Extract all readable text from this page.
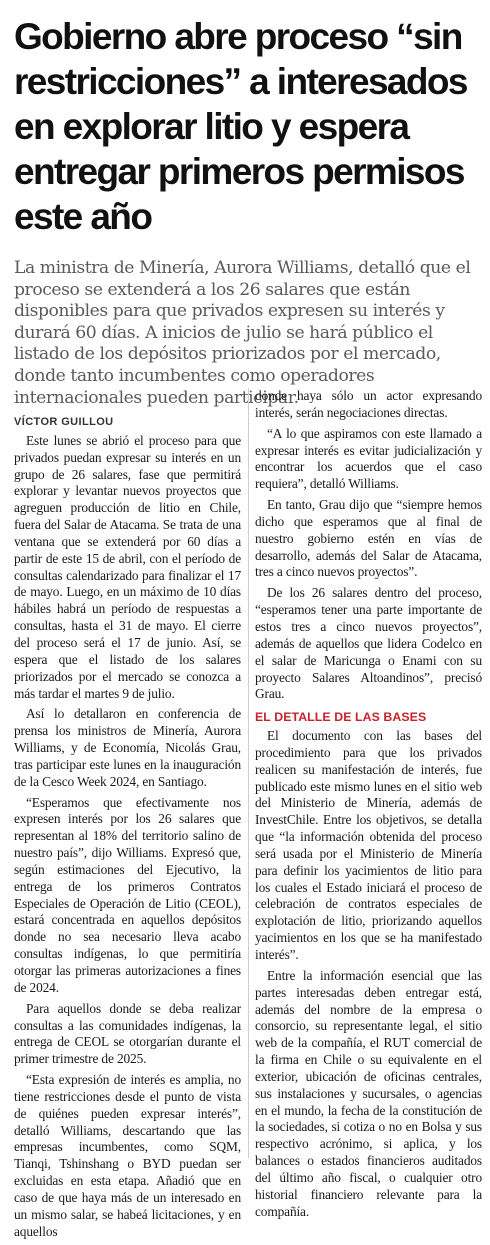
Gobierno abre proceso “sin restricciones” a interesados en explorar litio y espera entregar primeros permisos este año

La ministra de Minería, Aurora Williams, detalló que el proceso se extenderá a los 26 salares que están disponibles para que privados expresen su interés y durará 60 días. A inicios de julio se hará público el listado de los depósitos priorizados por el mercado, donde tanto incumbentes como operadores internacionales pueden participar.

VÍCTOR GUILLOU

Este lunes se abrió el proceso para que privados puedan expresar su interés en un grupo de 26 salares, fase que permitirá explorar y levantar nuevos proyectos que agreguen producción de litio en Chile, fuera del Salar de Atacama. Se trata de una ventana que se extenderá por 60 días a partir de este 15 de abril, con el período de consultas calendarizado para finalizar el 17 de mayo. Luego, en un máximo de 10 días hábiles habrá un período de respuestas a consultas, hasta el 31 de mayo. El cierre del proceso será el 17 de junio. Así, se espera que el listado de los salares priorizados por el mercado se conozca a más tardar el martes 9 de julio.

Así lo detallaron en conferencia de prensa los ministros de Minería, Aurora Williams, y de Economía, Nicolás Grau, tras participar este lunes en la inauguración de la Cesco Week 2024, en Santiago.

“Esperamos que efectivamente nos expresen interés por los 26 salares que representan al 18% del territorio salino de nuestro país”, dijo Williams. Expresó que, según estimaciones del Ejecutivo, la entrega de los primeros Contratos Especiales de Operación de Litio (CEOL), estará concentrada en aquellos depósitos donde no sea necesario lleva acabo consultas indígenas, lo que permitiría otorgar las primeras autorizaciones a fines de 2024.

Para aquellos donde se deba realizar consultas a las comunidades indígenas, la entrega de CEOL se otorgarían durante el primer trimestre de 2025.

“Esta expresión de interés es amplia, no tiene restricciones desde el punto de vista de quiénes pueden expresar interés”, detalló Williams, descartando que las empresas incumbentes, como SQM, Tianqi, Tshinshang o BYD puedan ser excluidas en esta etapa. Añadió que en caso de que haya más de un interesado en un mismo salar, se habeá licitaciones, y en aquellos

donde haya sólo un actor expresando interés, serán negociaciones directas.

“A lo que aspiramos con este llamado a expresar interés es evitar judicialización y encontrar los acuerdos que el caso requiera”, detalló Williams.

En tanto, Grau dijo que “siempre hemos dicho que esperamos que al final de nuestro gobierno estén en vías de desarrollo, además del Salar de Atacama, tres a cinco nuevos proyectos”.

De los 26 salares dentro del proceso, “esperamos tener una parte importante de estos tres a cinco nuevos proyectos”, además de aquellos que lidera Codelco en el salar de Maricunga o Enami con su proyecto Salares Altoandinos”, precisó Grau.

EL DETALLE DE LAS BASES

El documento con las bases del procedimiento para que los privados realicen su manifestación de interés, fue publicado este mismo lunes en el sitio web del Ministerio de Minería, además de InvestChile. Entre los objetivos, se detalla que “la información obtenida del proceso será usada por el Ministerio de Minería para definir los yacimientos de litio para los cuales el Estado iniciará el proceso de celebración de contratos especiales de explotación de litio, priorizando aquellos yacimientos en los que se ha manifestado interés”.

Entre la información esencial que las partes interesadas deben entregar está, además del nombre de la empresa o consorcio, su representante legal, el sitio web de la compañía, el RUT comercial de la firma en Chile o su equivalente en el exterior, ubicación de oficinas centrales, sus instalaciones y sucursales, o agencias en el mundo, la fecha de la constitución de la sociedades, si cotiza o no en Bolsa y sus respectivo acrónimo, si aplica, y los balances o estados financieros auditados del último año fiscal, o cualquier otro historial financiero relevante para la compañía.
